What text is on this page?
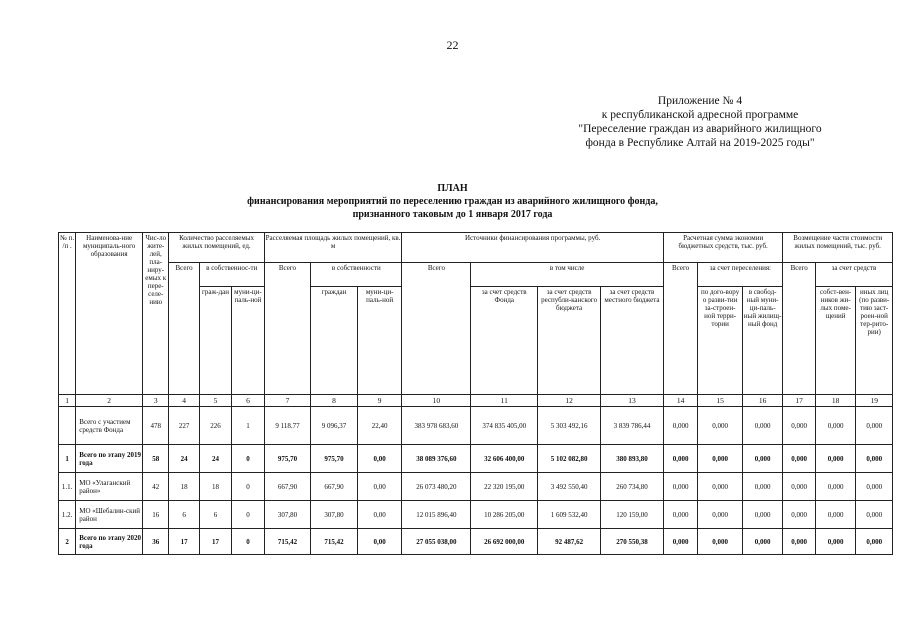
22
Приложение № 4
к республиканской адресной программе
"Переселение граждан из аварийного жилищного
фонда в Республике Алтай на 2019-2025 годы"
ПЛАН
финансирования мероприятий по переселению граждан из аварийного жилищного фонда,
признанного таковым до 1 января 2017 года
№ п. /п .	Наименова-ние муниципаль-ного образования	Чис-ло жите-лей, пла-ниру-емых к пере-селе-нию	Количество расселяемых жилых помещений, ед.			Расселяемая площадь жилых помещений, кв. м			Источники финансирования программы, руб.				Расчетная сумма экономии бюджетных средств, тыс. руб.			Возмещение части стоимости жилых помещений, тыс. руб.		
			Всего	в собственнос-ти		Всего	в собственности		Всего	в том числе			Всего	за счет переселения:		Всего	за счет средств	
				граж-дан	муни-ци-паль-ной		граждан	муни-ци-паль-ной		за счет средств Фонда	за счет средств республи-канского бюджета	за счет средств местного бюджета		по дого-вору о разви-тии за-строен-ной терри-тории	в свобод-ный муни-ци-паль-ный жилищ-ный фонд		собст-вен-ников жи-лых поме-щений	иных лиц (по разви-тию заст-роен-ной тер-рито-рии)
1	2	3	4	5	6	7	8	9	10	11	12	13	14	15	16	17	18	19
	Всего с участием средств Фонда	478	227	226	1	9 118.77	9 096,37	22,40	383 978 683,60	374 835 405,00	5 303 492,16	3 839 786,44	0,000	0,000	0,000	0,000	0,000	0,000
1	Всего по этапу 2019 года	58	24	24	0	975,70	975,70	0,00	38 089 376,60	32 606 400,00	5 102 082,80	380 893,80	0,000	0,000	0,000	0,000	0,000	0,000
1.1.	МО «Улаганский район»	42	18	18	0	667,90	667,90	0,00	26 073 480,20	22 320 195,00	3 492 550,40	260 734,80	0,000	0,000	0,000	0,000	0,000	0,000
1.2.	МО «Шебалин-ский район	16	6	6	0	307,80	307,80	0,00	12 015 896,40	10 286 205,00	1 609 532,40	120 159,00	0,000	0,000	0,000	0,000	0,000	0,000
2	Всего по этапу 2020 года	36	17	17	0	715,42	715,42	0,00	27 055 038,00	26 692 000,00	92 487,62	270 550,38	0,000	0,000	0,000	0,000	0,000	0,000
